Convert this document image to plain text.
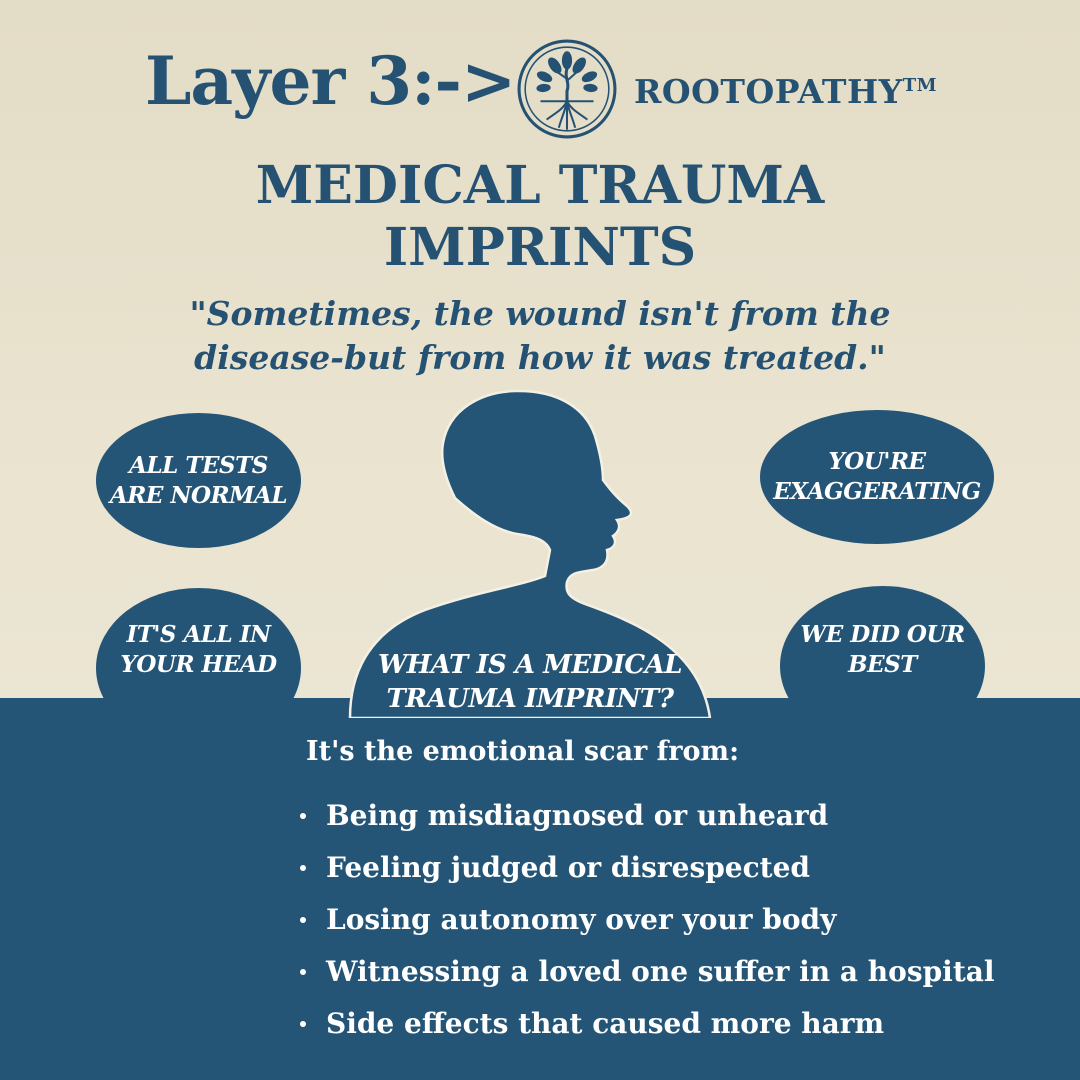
Layer 3:->	ROOTOPATHY™
MEDICAL TRAUMA
IMPRINTS
"Sometimes, the wound isn't from the
disease-but from how it was treated."
ALL TESTS
ARE NORMAL
YOU'RE
EXAGGERATING
IT'S ALL IN
YOUR HEAD
WE DID OUR
BEST
WHAT IS A MEDICAL
TRAUMA IMPRINT?
It's the emotional scar from:
Being misdiagnosed or unheard
Feeling judged or disrespected
Losing autonomy over your body
Witnessing a loved one suffer in a hospital
Side effects that caused more harm
